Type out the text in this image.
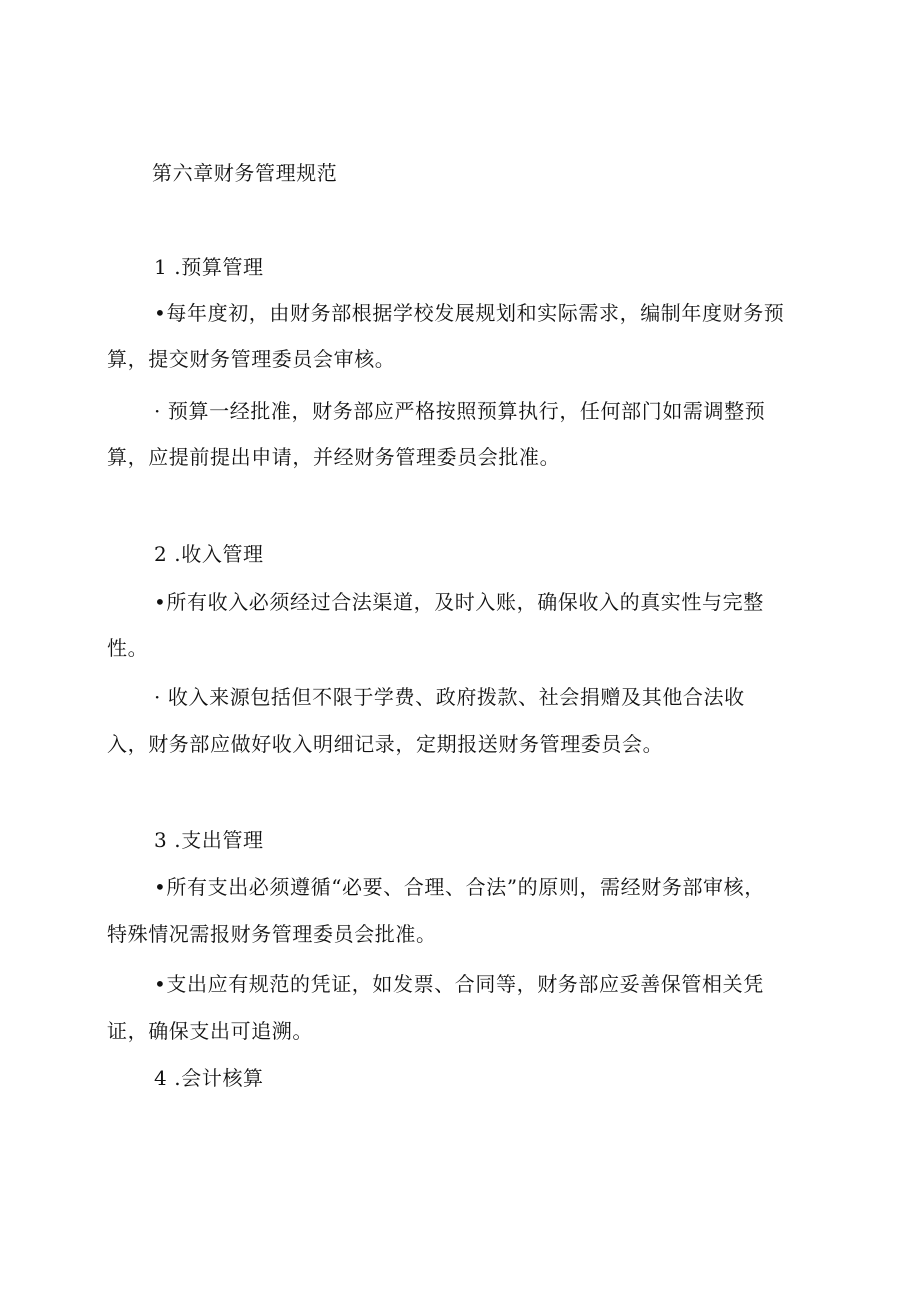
第六章财务管理规范
1 .预算管理
•每年度初，由财务部根据学校发展规划和实际需求，编制年度财务预
算，提交财务管理委员会审核。
· 预算一经批准，财务部应严格按照预算执行，任何部门如需调整预
算，应提前提出申请，并经财务管理委员会批准。
2 .收入管理
•所有收入必须经过合法渠道，及时入账，确保收入的真实性与完整
性。
· 收入来源包括但不限于学费、政府拨款、社会捐赠及其他合法收
入，财务部应做好收入明细记录，定期报送财务管理委员会。
3 .支出管理
•所有支出必须遵循“必要、合理、合法”的原则，需经财务部审核，
特殊情况需报财务管理委员会批准。
•支出应有规范的凭证，如发票、合同等，财务部应妥善保管相关凭
证，确保支出可追溯。
4 .会计核算
